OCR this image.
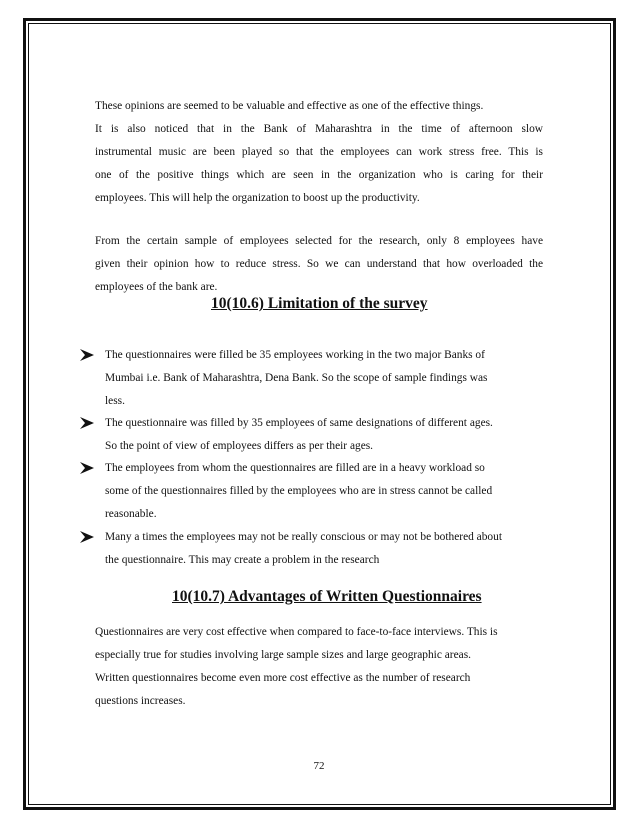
These opinions are seemed to be valuable and effective as one of the effective things.

It is also noticed that in the Bank of Maharashtra in the time of afternoon slow

instrumental music are been played so that the employees can work stress free. This is

one of the positive things which are seen in the organization who is caring for their

employees. This will help the organization to boost up the productivity.

From the certain sample of employees selected for the research, only 8 employees have

given their opinion how to reduce stress. So we can understand that how overloaded the

employees of the bank are.

10(10.6) Limitation of the survey

The questionnaires were filled be 35 employees working in the two major Banks of

Mumbai i.e. Bank of Maharashtra, Dena Bank. So the scope of sample findings was

less.

The questionnaire was filled by 35 employees of same designations of different ages.

So the point of view of employees differs as per their ages.

The employees from whom the questionnaires are filled are in a heavy workload so

some of the questionnaires filled by the employees who are in stress cannot be called

reasonable.

Many a times the employees may not be really conscious or may not be bothered about

the questionnaire. This may create a problem in the research

10(10.7) Advantages of Written Questionnaires

Questionnaires are very cost effective when compared to face-to-face interviews. This is

especially true for studies involving large sample sizes and large geographic areas.

Written questionnaires become even more cost effective as the number of research

questions increases.

72
